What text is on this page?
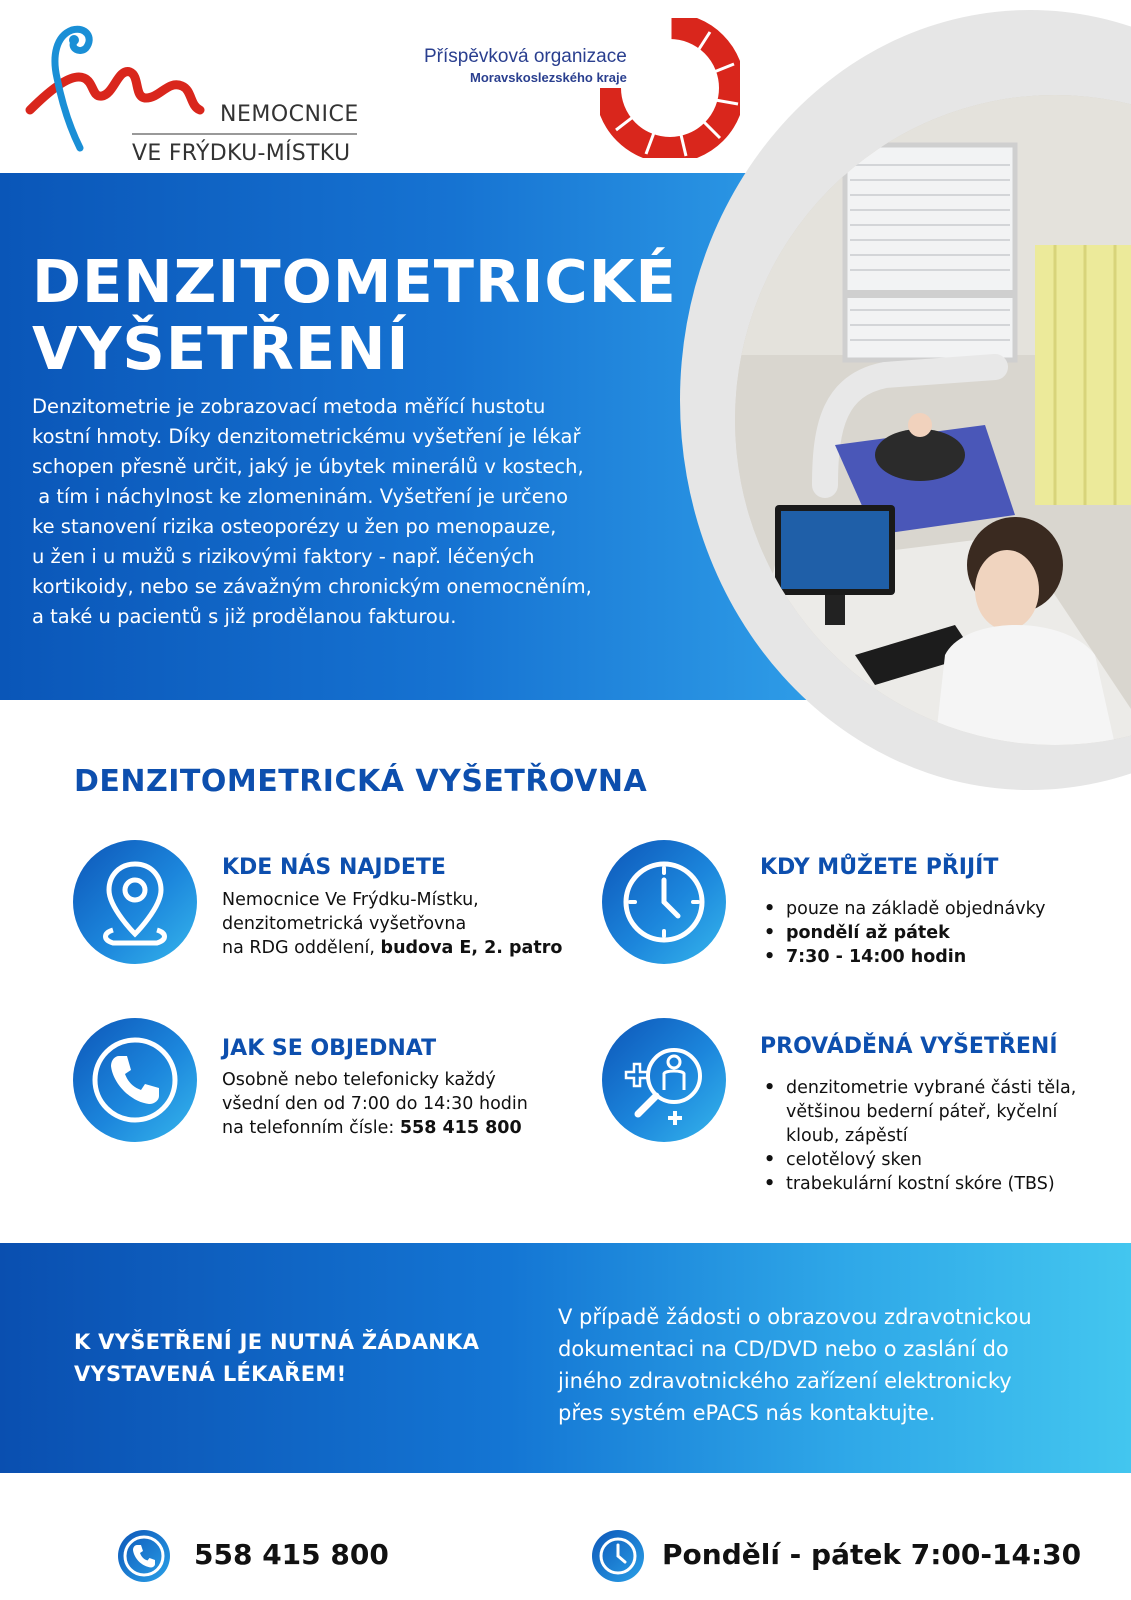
NEMOCNICE
VE FRÝDKU-MÍSTKU
Příspěvková organizace
Moravskoslezského kraje
DENZITOMETRICKÉ
VYŠETŘENÍ

Denzitometrie je zobrazovací metoda měřící hustotu

kostní hmoty. Díky denzitometrickému vyšetření je lékař

schopen přesně určit, jaký je úbytek minerálů v kostech,

a tím i náchylnost ke zlomeninám. Vyšetření je určeno

ke stanovení rizika osteoporézy u žen po menopauze,

u žen i u mužů s rizikovými faktory - např. léčených

kortikoidy, nebo se závažným chronickým onemocněním,

a také u pacientů s již prodělanou fakturou.

DENZITOMETRICKÁ VYŠETŘOVNA
KDE NÁS NAJDETE
Nemocnice Ve Frýdku-Místku,
denzitometrická vyšetřovna
na RDG oddělení, budova E, 2. patro
KDY MŮŽETE PŘIJÍT
• pouze na základě objednávky
• pondělí až pátek
• 7:30 - 14:00 hodin
JAK SE OBJEDNAT
Osobně nebo telefonicky každý
všední den od 7:00 do 14:30 hodin
na telefonním čísle: 558 415 800
PROVÁDĚNÁ VYŠETŘENÍ
• denzitometrie vybrané části těla,
většinou bederní páteř, kyčelní
kloub, zápěstí
• celotělový sken
• trabekulární kostní skóre (TBS)
K VYŠETŘENÍ JE NUTNÁ ŽÁDANKA
VYSTAVENÁ LÉKAŘEM!
V případě žádosti o obrazovou zdravotnickou
dokumentaci na CD/DVD nebo o zaslání do
jiného zdravotnického zařízení elektronicky
přes systém ePACS nás kontaktujte.
558 415 800	Pondělí - pátek 7:00-14:30
